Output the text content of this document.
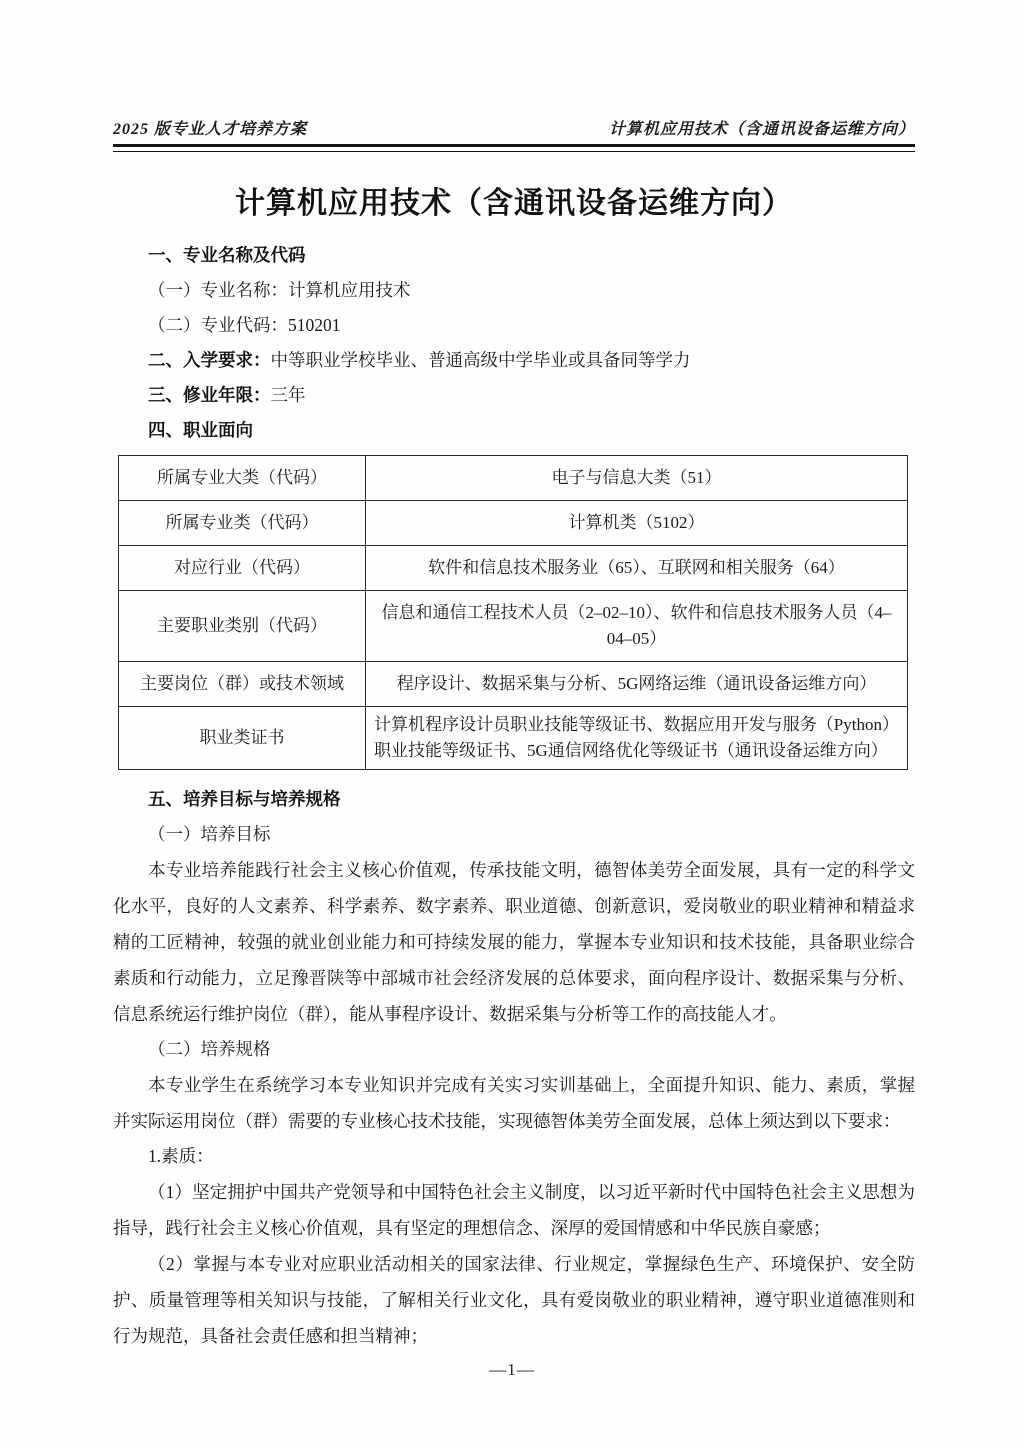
2025 版专业人才培养方案	计算机应用技术（含通讯设备运维方向）
计算机应用技术（含通讯设备运维方向）

一、专业名称及代码

（一）专业名称：计算机应用技术

（二）专业代码：510201

二、入学要求：中等职业学校毕业、普通高级中学毕业或具备同等学力

三、修业年限：三年

四、职业面向

所属专业大类（代码）	电子与信息大类（51）
所属专业类（代码）	计算机类（5102）
对应行业（代码）	软件和信息技术服务业（65）、互联网和相关服务（64）
主要职业类别（代码）	信息和通信工程技术人员（2–02–10）、软件和信息技术服务人员（4–04–05）
主要岗位（群）或技术领域	程序设计、数据采集与分析、5G网络运维（通讯设备运维方向）
职业类证书	计算机程序设计员职业技能等级证书、数据应用开发与服务（Python）职业技能等级证书、5G通信网络优化等级证书（通讯设备运维方向）

五、培养目标与培养规格

（一）培养目标

本专业培养能践行社会主义核心价值观，传承技能文明，德智体美劳全面发展，具有一定的科学文化水平，良好的人文素养、科学素养、数字素养、职业道德、创新意识，爱岗敬业的职业精神和精益求精的工匠精神，较强的就业创业能力和可持续发展的能力，掌握本专业知识和技术技能，具备职业综合素质和行动能力，立足豫晋陕等中部城市社会经济发展的总体要求，面向程序设计、数据采集与分析、信息系统运行维护岗位（群），能从事程序设计、数据采集与分析等工作的高技能人才。

（二）培养规格

本专业学生在系统学习本专业知识并完成有关实习实训基础上，全面提升知识、能力、素质，掌握并实际运用岗位（群）需要的专业核心技术技能，实现德智体美劳全面发展，总体上须达到以下要求：

1.素质：

（1）坚定拥护中国共产党领导和中国特色社会主义制度，以习近平新时代中国特色社会主义思想为指导，践行社会主义核心价值观，具有坚定的理想信念、深厚的爱国情感和中华民族自豪感；

（2）掌握与本专业对应职业活动相关的国家法律、行业规定，掌握绿色生产、环境保护、安全防护、质量管理等相关知识与技能，了解相关行业文化，具有爱岗敬业的职业精神，遵守职业道德准则和行为规范，具备社会责任感和担当精神；

—1—
